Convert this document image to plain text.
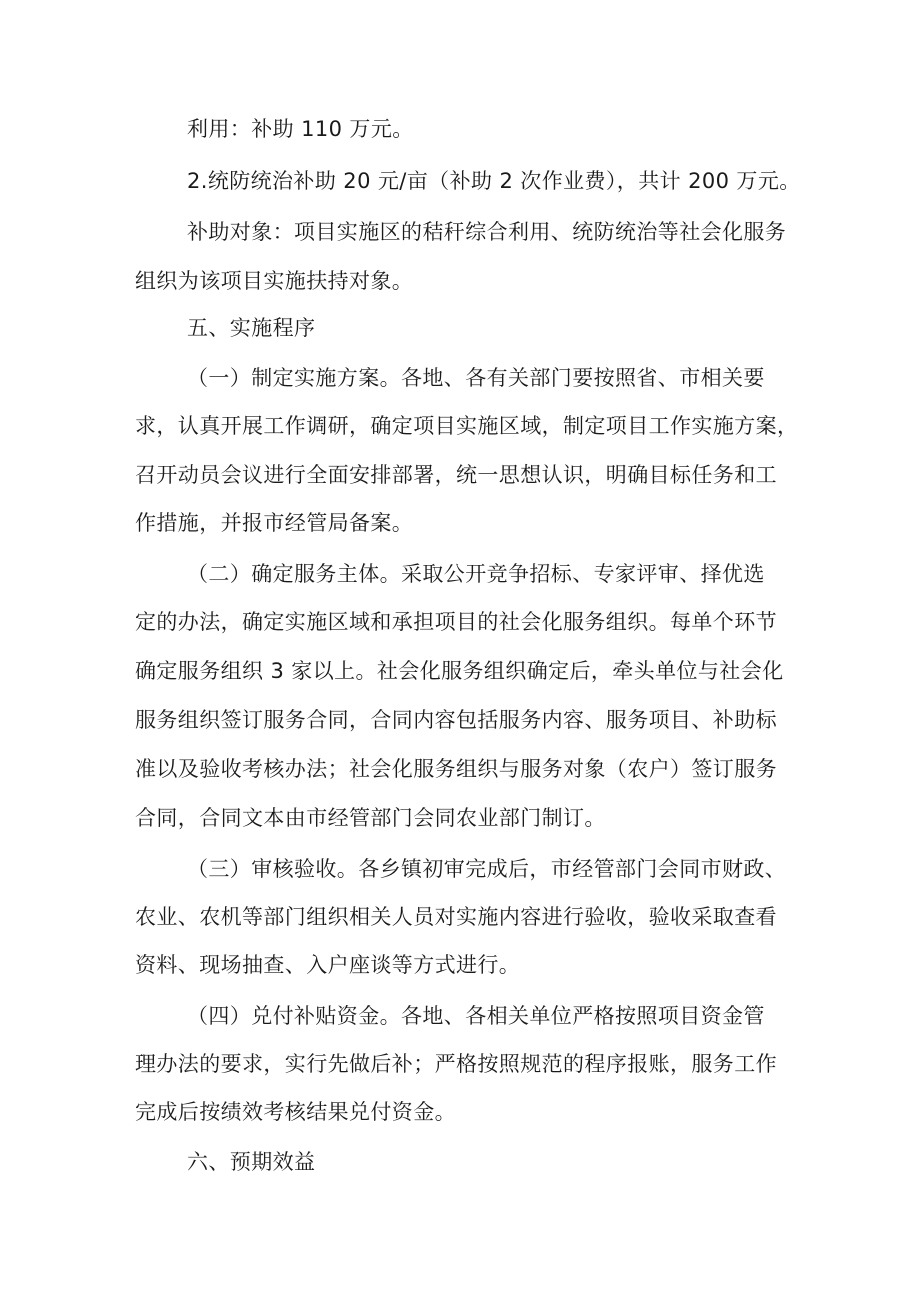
利用：补助 110 万元。
2.统防统治补助 20 元/亩（补助 2 次作业费），共计 200 万元。
补助对象：项目实施区的秸秆综合利用、统防统治等社会化服务
组织为该项目实施扶持对象。
五、实施程序
（一）制定实施方案。各地、各有关部门要按照省、市相关要
求，认真开展工作调研，确定项目实施区域，制定项目工作实施方案，
召开动员会议进行全面安排部署，统一思想认识，明确目标任务和工
作措施，并报市经管局备案。
（二）确定服务主体。采取公开竞争招标、专家评审、择优选
定的办法，确定实施区域和承担项目的社会化服务组织。每单个环节
确定服务组织 3 家以上。社会化服务组织确定后，牵头单位与社会化
服务组织签订服务合同，合同内容包括服务内容、服务项目、补助标
准以及验收考核办法；社会化服务组织与服务对象（农户）签订服务
合同，合同文本由市经管部门会同农业部门制订。
（三）审核验收。各乡镇初审完成后，市经管部门会同市财政、
农业、农机等部门组织相关人员对实施内容进行验收，验收采取查看
资料、现场抽查、入户座谈等方式进行。
（四）兑付补贴资金。各地、各相关单位严格按照项目资金管
理办法的要求，实行先做后补；严格按照规范的程序报账，服务工作
完成后按绩效考核结果兑付资金。
六、预期效益
